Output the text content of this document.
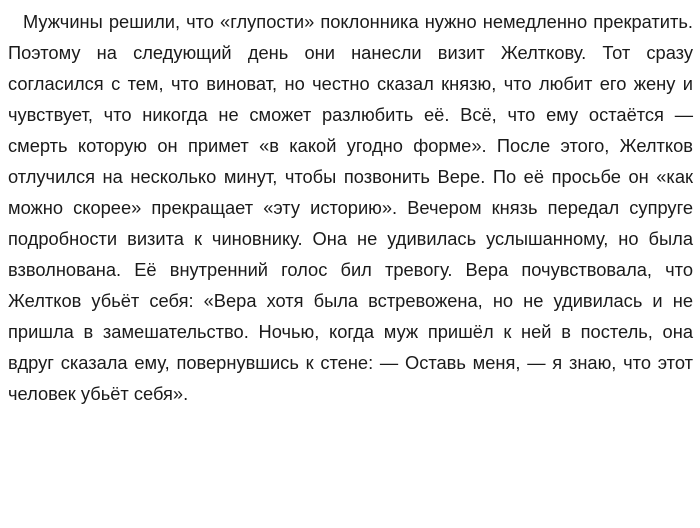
Мужчины решили, что «глупости» поклонника нужно немедленно прекратить. Поэтому на следующий день они нанесли визит Желткову. Тот сразу согласился с тем, что виноват, но честно сказал князю, что любит его жену и чувствует, что никогда не сможет разлюбить её. Всё, что ему остаётся — смерть которую он примет «в какой угодно форме». После этого, Желтков отлучился на несколько минут, чтобы позвонить Вере. По её просьбе он «как можно скорее» прекращает «эту историю». Вечером князь передал супруге подробности визита к чиновнику. Она не удивилась услышанному, но была взволнована. Её внутренний голос бил тревогу. Вера почувствовала, что Желтков убьёт себя: «Вера хотя была встревожена, но не удивилась и не пришла в замешательство. Ночью, когда муж пришёл к ней в постель, она вдруг сказала ему, повернувшись к стене: — Оставь меня, — я знаю, что этот человек убьёт себя».
